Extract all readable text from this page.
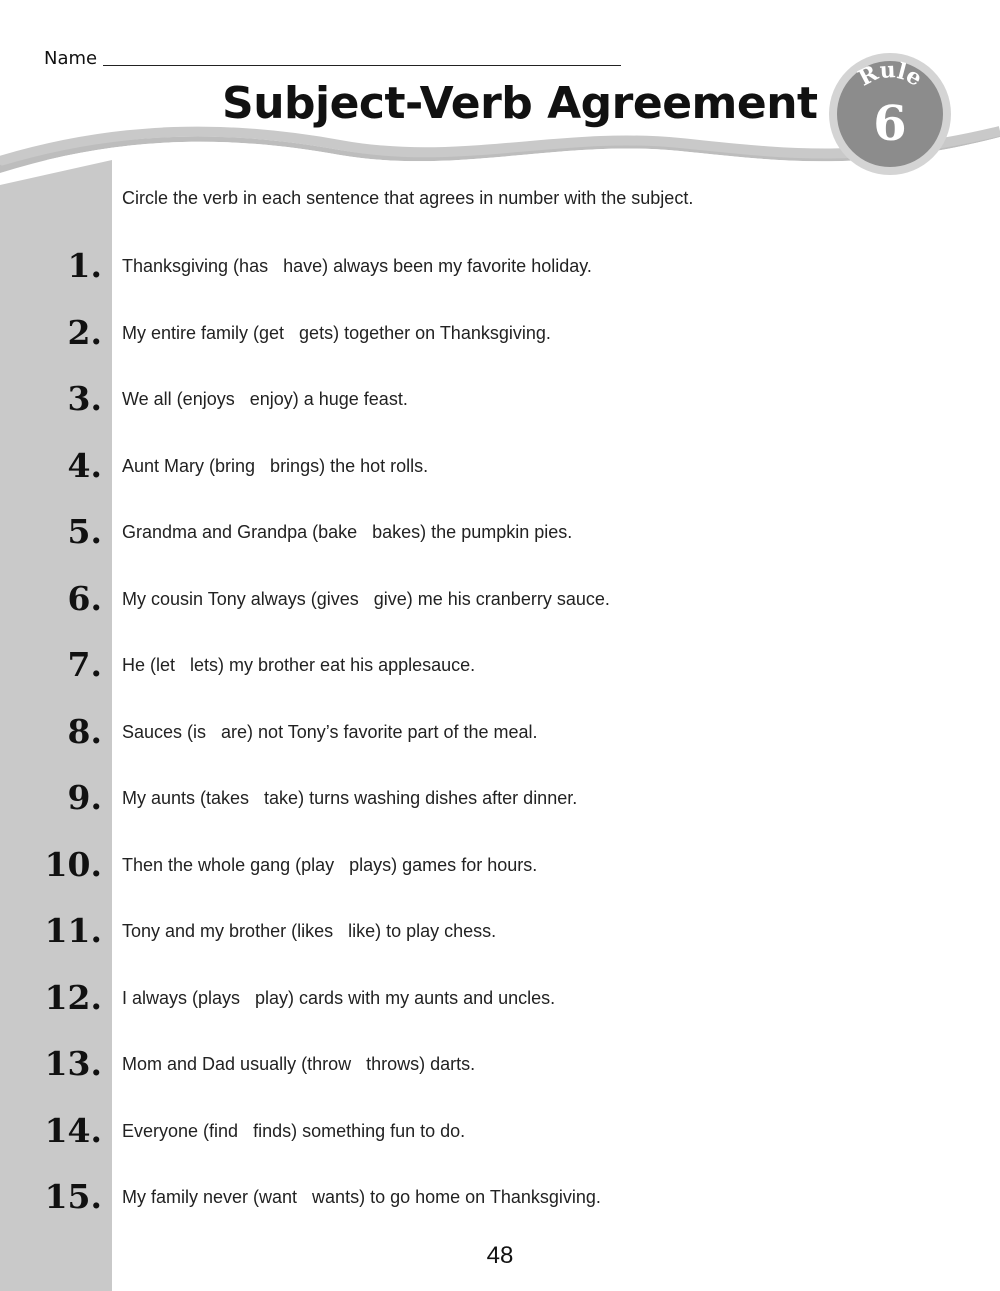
Name
Subject-Verb Agreement
Rule
6
Circle the verb in each sentence that agrees in number with the subject.
1. Thanksgiving (has   have) always been my favorite holiday.
2. My entire family (get   gets) together on Thanksgiving.
3. We all (enjoys   enjoy) a huge feast.
4. Aunt Mary (bring   brings) the hot rolls.
5. Grandma and Grandpa (bake   bakes) the pumpkin pies.
6. My cousin Tony always (gives   give) me his cranberry sauce.
7. He (let   lets) my brother eat his applesauce.
8. Sauces (is   are) not Tony’s favorite part of the meal.
9. My aunts (takes   take) turns washing dishes after dinner.
10. Then the whole gang (play   plays) games for hours.
11. Tony and my brother (likes   like) to play chess.
12. I always (plays   play) cards with my aunts and uncles.
13. Mom and Dad usually (throw   throws) darts.
14. Everyone (find   finds) something fun to do.
15. My family never (want   wants) to go home on Thanksgiving.
48
